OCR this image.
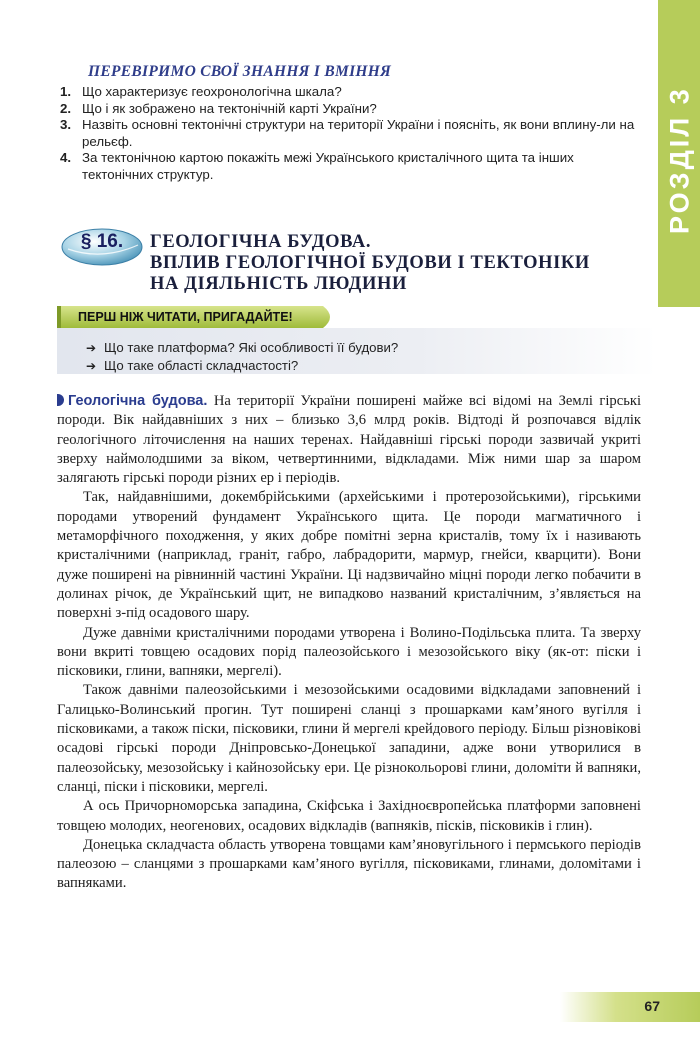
РОЗДІЛ 3
ПЕРЕВІРИМО СВОЇ ЗНАННЯ І ВМІННЯ
1. Що характеризує геохронологічна шкала?
2. Що і як зображено на тектонічній карті України?
3. Назвіть основні тектонічні структури на території України і поясніть, як вони вплину-ли на рельєф.
4. За тектонічною картою покажіть межі Українського кристалічного щита та інших тектонічних структур.
§ 16.	ГЕОЛОГІЧНА БУДОВА.
ВПЛИВ ГЕОЛОГІЧНОЇ БУДОВИ І ТЕКТОНІКИ
НА ДІЯЛЬНІСТЬ ЛЮДИНИ
ПЕРШ НІЖ ЧИТАТИ, ПРИГАДАЙТЕ!
➔ Що таке платформа? Які особливості її будови?
➔ Що таке області складчастості?

Геологічна будова. На території України поширені майже всі відомі на Землі гірські породи. Вік найдавніших з них – близько 3,6 млрд років. Відтоді й розпочався відлік геологічного літочислення на наших теренах. Найдавніші гірські породи зазвичай укриті зверху наймолодшими за віком, четвертинними, відкладами. Між ними шар за шаром залягають гірські породи різних ер і періодів.

Так, найдавнішими, докембрійськими (архейськими і протерозойськими), гірськими породами утворений фундамент Українського щита. Це породи магматичного і метаморфічного походження, у яких добре помітні зерна кристалів, тому їх і називають кристалічними (наприклад, граніт, габро, лабрадорити, мармур, гнейси, кварцити). Вони дуже поширені на рівнинній частині України. Ці надзвичайно міцні породи легко побачити в долинах річок, де Український щит, не випадково названий кристалічним, з’являється на поверхні з-під осадового шару.

Дуже давніми кристалічними породами утворена і Волино-Подільська плита. Та зверху вони вкриті товщею осадових порід палеозойського і мезозойського віку (як-от: піски і пісковики, глини, вапняки, мергелі).

Також давніми палеозойськими і мезозойськими осадовими відкладами заповнений і Галицько-Волинський прогин. Тут поширені сланці з прошарками кам’яного вугілля і пісковиками, а також піски, пісковики, глини й мергелі крейдового періоду. Більш різновікові осадові гірські породи Дніпровсько-Донецької западини, адже вони утворилися в палеозойську, мезозойську і кайнозойську ери. Це різнокольорові глини, доломіти й вапняки, сланці, піски і пісковики, мергелі.

А ось Причорноморська западина, Скіфська і Західноєвропейська платформи заповнені товщею молодих, неогенових, осадових відкладів (вапняків, пісків, пісковиків і глин).

Донецька складчаста область утворена товщами кам’яновугільного і пермського періодів палеозою – сланцями з прошарками кам’яного вугілля, пісковиками, глинами, доломітами і вапняками.

67
